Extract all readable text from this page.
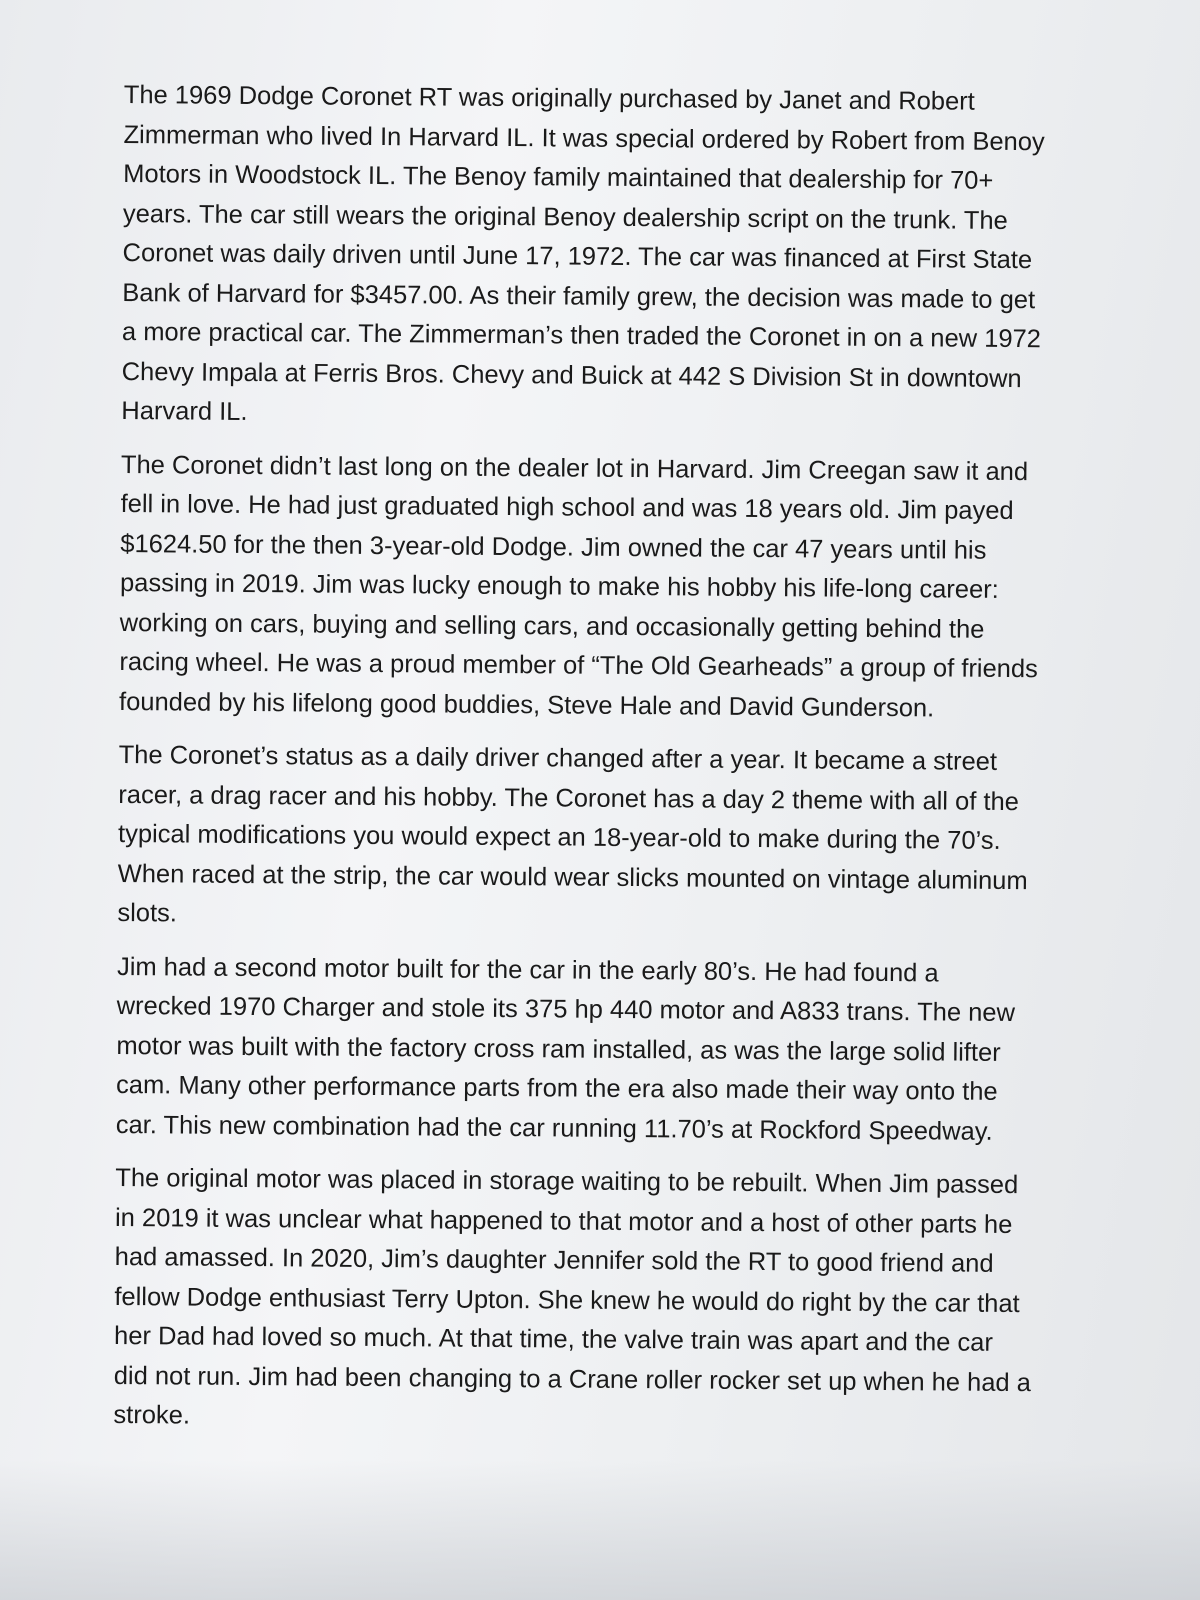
The 1969 Dodge Coronet RT was originally purchased by Janet and Robert
Zimmerman who lived In Harvard IL. It was special ordered by Robert from Benoy
Motors in Woodstock IL. The Benoy family maintained that dealership for 70+
years. The car still wears the original Benoy dealership script on the trunk. The
Coronet was daily driven until June 17, 1972. The car was financed at First State
Bank of Harvard for $3457.00. As their family grew, the decision was made to get
a more practical car. The Zimmerman’s then traded the Coronet in on a new 1972
Chevy Impala at Ferris Bros. Chevy and Buick at 442 S Division St in downtown
Harvard IL.
The Coronet didn’t last long on the dealer lot in Harvard. Jim Creegan saw it and
fell in love. He had just graduated high school and was 18 years old. Jim payed
$1624.50 for the then 3-year-old Dodge. Jim owned the car 47 years until his
passing in 2019. Jim was lucky enough to make his hobby his life-long career:
working on cars, buying and selling cars, and occasionally getting behind the
racing wheel. He was a proud member of “The Old Gearheads” a group of friends
founded by his lifelong good buddies, Steve Hale and David Gunderson.
The Coronet’s status as a daily driver changed after a year. It became a street
racer, a drag racer and his hobby. The Coronet has a day 2 theme with all of the
typical modifications you would expect an 18-year-old to make during the 70’s.
When raced at the strip, the car would wear slicks mounted on vintage aluminum
slots.
Jim had a second motor built for the car in the early 80’s. He had found a
wrecked 1970 Charger and stole its 375 hp 440 motor and A833 trans. The new
motor was built with the factory cross ram installed, as was the large solid lifter
cam. Many other performance parts from the era also made their way onto the
car. This new combination had the car running 11.70’s at Rockford Speedway.
The original motor was placed in storage waiting to be rebuilt. When Jim passed
in 2019 it was unclear what happened to that motor and a host of other parts he
had amassed. In 2020, Jim’s daughter Jennifer sold the RT to good friend and
fellow Dodge enthusiast Terry Upton. She knew he would do right by the car that
her Dad had loved so much. At that time, the valve train was apart and the car
did not run. Jim had been changing to a Crane roller rocker set up when he had a
stroke.
